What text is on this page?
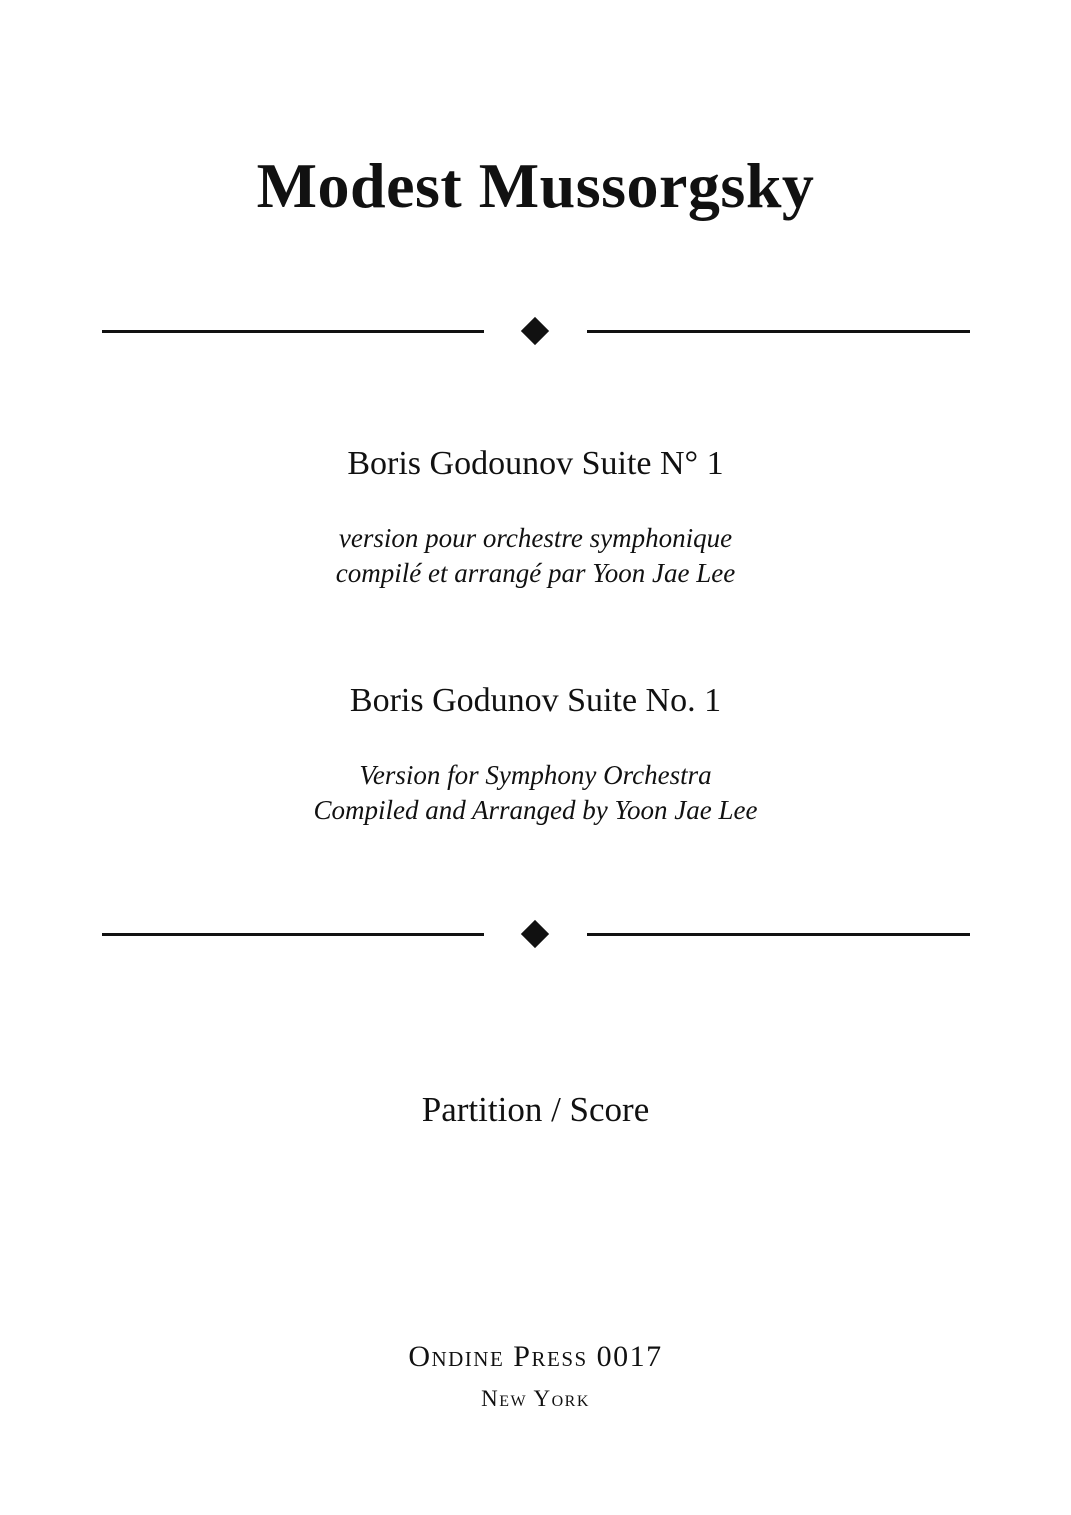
Modest Mussorgsky
Boris Godounov Suite N° 1
version pour orchestre symphonique
compilé et arrangé par Yoon Jae Lee
Boris Godunov Suite No. 1
Version for Symphony Orchestra
Compiled and Arranged by Yoon Jae Lee
Partition / Score
Ondine Press 0017
New York
